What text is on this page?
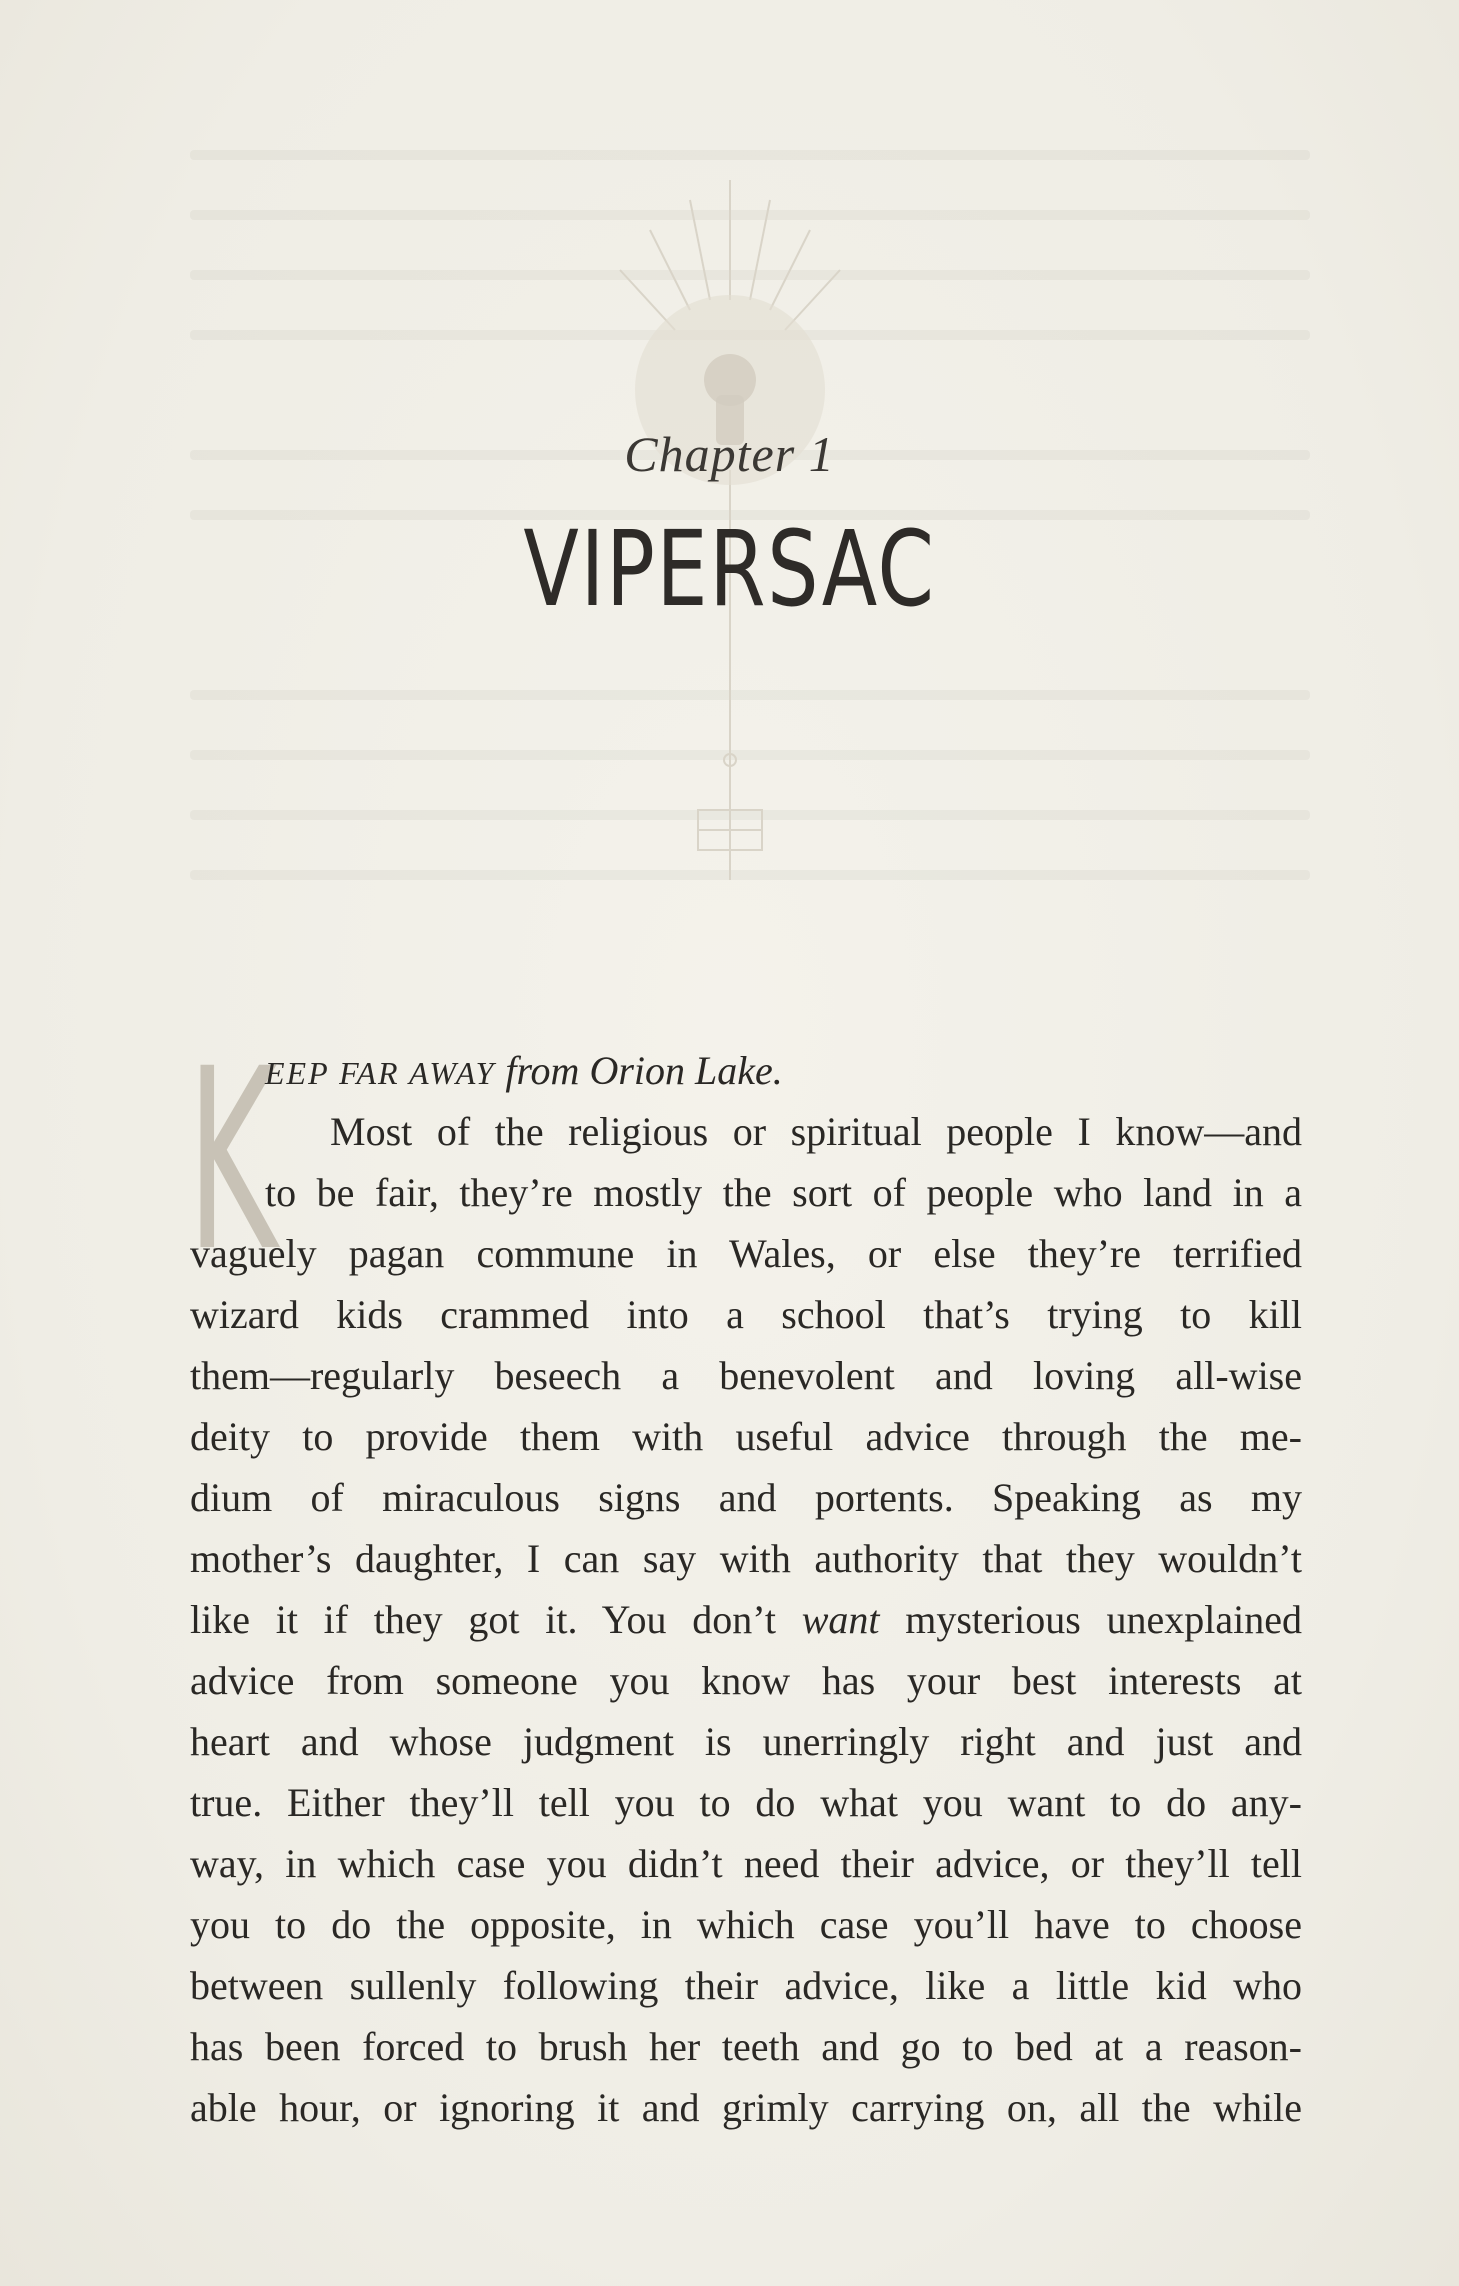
Chapter 1
VIPERSAC
K
EEP FAR AWAY from Orion Lake.
Most of the religious or spiritual people I know—and
to be fair, they’re mostly the sort of people who land in a
vaguely pagan commune in Wales, or else they’re terrified
wizard kids crammed into a school that’s trying to kill
them—regularly beseech a benevolent and loving all-wise
deity to provide them with useful advice through the me-
dium of miraculous signs and portents. Speaking as my
mother’s daughter, I can say with authority that they wouldn’t
like it if they got it. You don’t want mysterious unexplained
advice from someone you know has your best interests at
heart and whose judgment is unerringly right and just and
true. Either they’ll tell you to do what you want to do any-
way, in which case you didn’t need their advice, or they’ll tell
you to do the opposite, in which case you’ll have to choose
between sullenly following their advice, like a little kid who
has been forced to brush her teeth and go to bed at a reason-
able hour, or ignoring it and grimly carrying on, all the while
